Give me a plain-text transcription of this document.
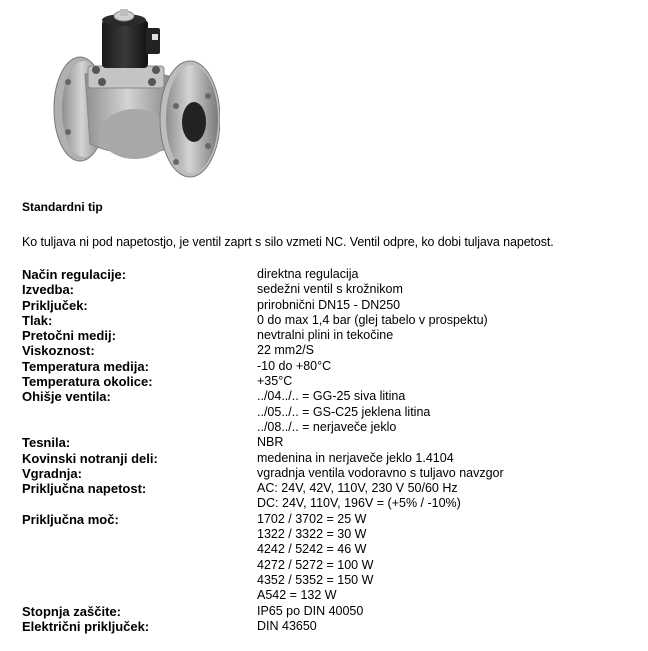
Standardni tip
Ko tuljava ni pod napetostjo, je ventil zaprt s silo vzmeti NC. Ventil odpre, ko dobi tuljava napetost.
Način regulacije:	direktna regulacija
Izvedba:	sedežni ventil s krožnikom
Priključek:	prirobnični DN15 - DN250
Tlak:	0 do max 1,4 bar (glej tabelo v prospektu)
Pretočni medij:	nevtralni plini in tekočine
Viskoznost:	22 mm2/S
Temperatura medija:	-10 do +80°C
Temperatura okolice:	+35°C
Ohišje ventila:	../04../.. = GG-25 siva litina
../05../.. = GS-C25 jeklena litina
../08../.. = nerjaveče jeklo
Tesnila:	NBR
Kovinski notranji deli:	medenina in nerjaveče jeklo 1.4104
Vgradnja:	vgradnja ventila vodoravno s tuljavo navzgor
Priključna napetost:	AC: 24V, 42V, 110V, 230 V 50/60 Hz
DC: 24V, 110V, 196V = (+5% / -10%)
Priključna moč:	1702 / 3702 = 25 W
1322 / 3322 = 30 W
4242 / 5242 = 46 W
4272 / 5272 = 100 W
4352 / 5352 = 150 W
A542 = 132 W
Stopnja zaščite:	IP65 po DIN 40050
Električni priključek:	DIN 43650
